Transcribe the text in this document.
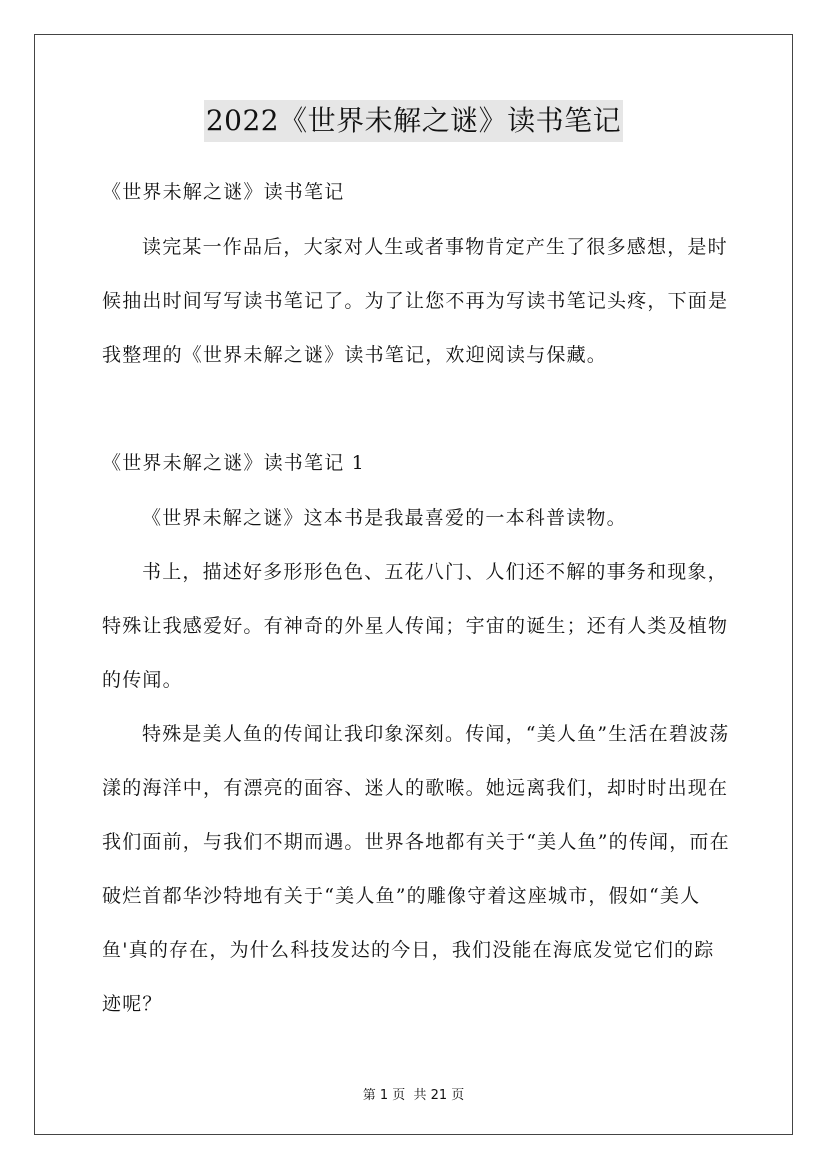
2022《世界未解之谜》读书笔记

《世界未解之谜》读书笔记

读完某一作品后，大家对人生或者事物肯定产生了很多感想，是时候抽出时间写写读书笔记了。为了让您不再为写读书笔记头疼，下面是我整理的《世界未解之谜》读书笔记，欢迎阅读与保藏。

《世界未解之谜》读书笔记 1

《世界未解之谜》这本书是我最喜爱的一本科普读物。

书上，描述好多形形色色、五花八门、人们还不解的事务和现象，特殊让我感爱好。有神奇的外星人传闻；宇宙的诞生；还有人类及植物的传闻。

特殊是美人鱼的传闻让我印象深刻。传闻，“美人鱼”生活在碧波荡漾的海洋中，有漂亮的面容、迷人的歌喉。她远离我们，却时时出现在我们面前，与我们不期而遇。世界各地都有关于“美人鱼”的传闻，而在破烂首都华沙特地有关于“美人鱼”的雕像守着这座城市，假如“美人鱼'真的存在，为什么科技发达的今日，我们没能在海底发觉它们的踪迹呢？

第 1 页 共 21 页
